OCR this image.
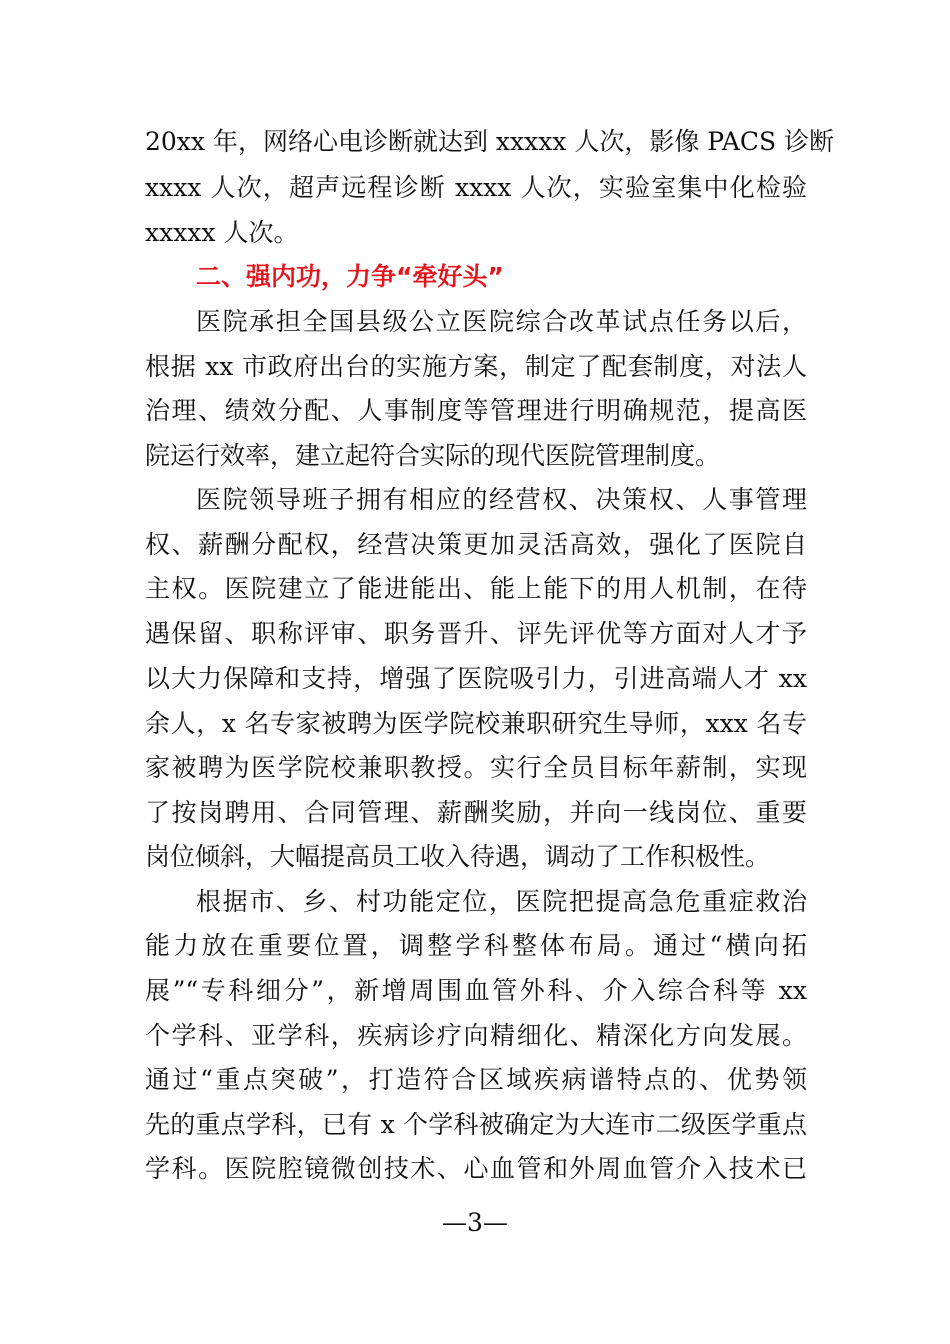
20xx 年，网络心电诊断就达到 xxxxx 人次，影像 PACS 诊断
xxxx 人次，超声远程诊断 xxxx 人次，实验室集中化检验
xxxxx 人次。
二、强内功，力争“牵好头”
医院承担全国县级公立医院综合改革试点任务以后，
根据 xx 市政府出台的实施方案，制定了配套制度，对法人
治理、绩效分配、人事制度等管理进行明确规范，提高医
院运行效率，建立起符合实际的现代医院管理制度。
医院领导班子拥有相应的经营权、决策权、人事管理
权、薪酬分配权，经营决策更加灵活高效，强化了医院自
主权。医院建立了能进能出、能上能下的用人机制，在待
遇保留、职称评审、职务晋升、评先评优等方面对人才予
以大力保障和支持，增强了医院吸引力，引进高端人才 xx
余人，x 名专家被聘为医学院校兼职研究生导师，xxx 名专
家被聘为医学院校兼职教授。实行全员目标年薪制，实现
了按岗聘用、合同管理、薪酬奖励，并向一线岗位、重要
岗位倾斜，大幅提高员工收入待遇，调动了工作积极性。
根据市、乡、村功能定位，医院把提高急危重症救治
能力放在重要位置，调整学科整体布局。通过“横向拓
展”“专科细分”，新增周围血管外科、介入综合科等 xx
个学科、亚学科，疾病诊疗向精细化、精深化方向发展。
通过“重点突破”，打造符合区域疾病谱特点的、优势领
先的重点学科，已有 x 个学科被确定为大连市二级医学重点
学科。医院腔镜微创技术、心血管和外周血管介入技术已
—3—
